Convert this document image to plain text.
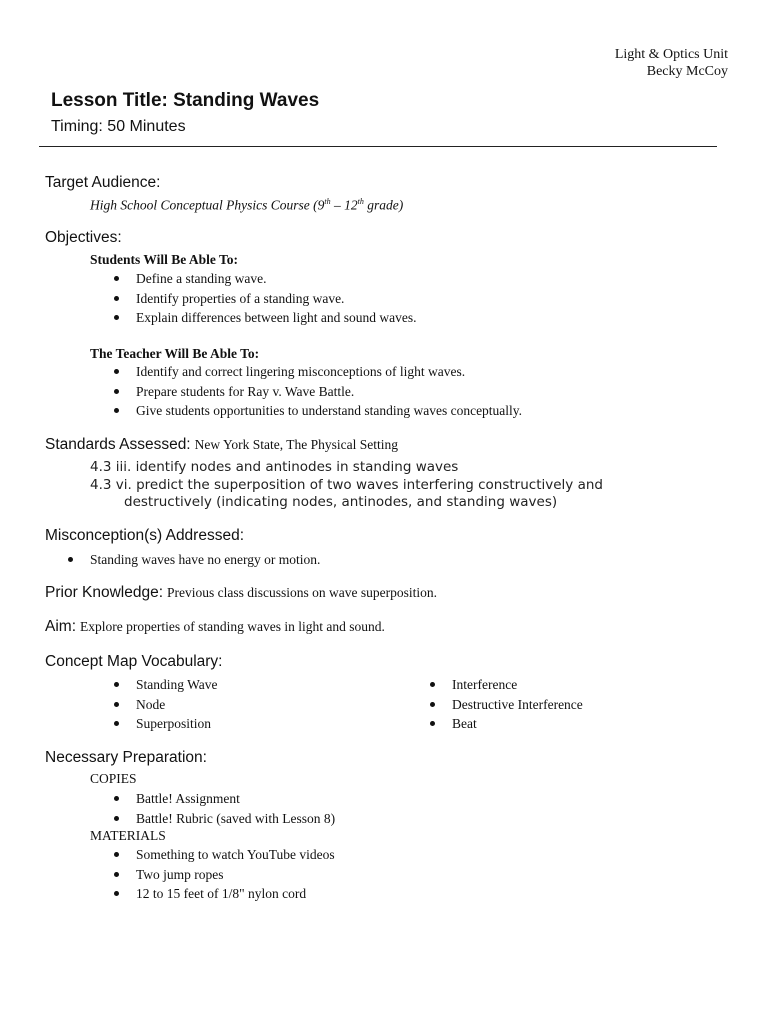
Light & Optics Unit
Becky McCoy
Lesson Title: Standing Waves
Timing: 50 Minutes
Target Audience:
High School Conceptual Physics Course (9th – 12th grade)
Objectives:
Students Will Be Able To:
Define a standing wave.
Identify properties of a standing wave.
Explain differences between light and sound waves.
The Teacher Will Be Able To:
Identify and correct lingering misconceptions of light waves.
Prepare students for Ray v. Wave Battle.
Give students opportunities to understand standing waves conceptually.
Standards Assessed: New York State, The Physical Setting
4.3 iii. identify nodes and antinodes in standing waves
4.3 vi. predict the superposition of two waves interfering constructively and
destructively (indicating nodes, antinodes, and standing waves)
Misconception(s) Addressed:
Standing waves have no energy or motion.
Prior Knowledge: Previous class discussions on wave superposition.
Aim: Explore properties of standing waves in light and sound.
Concept Map Vocabulary:
Standing Wave
Node
Superposition
Interference
Destructive Interference
Beat
Necessary Preparation:
COPIES
Battle! Assignment
Battle! Rubric (saved with Lesson 8)
MATERIALS
Something to watch YouTube videos
Two jump ropes
12 to 15 feet of 1/8" nylon cord
